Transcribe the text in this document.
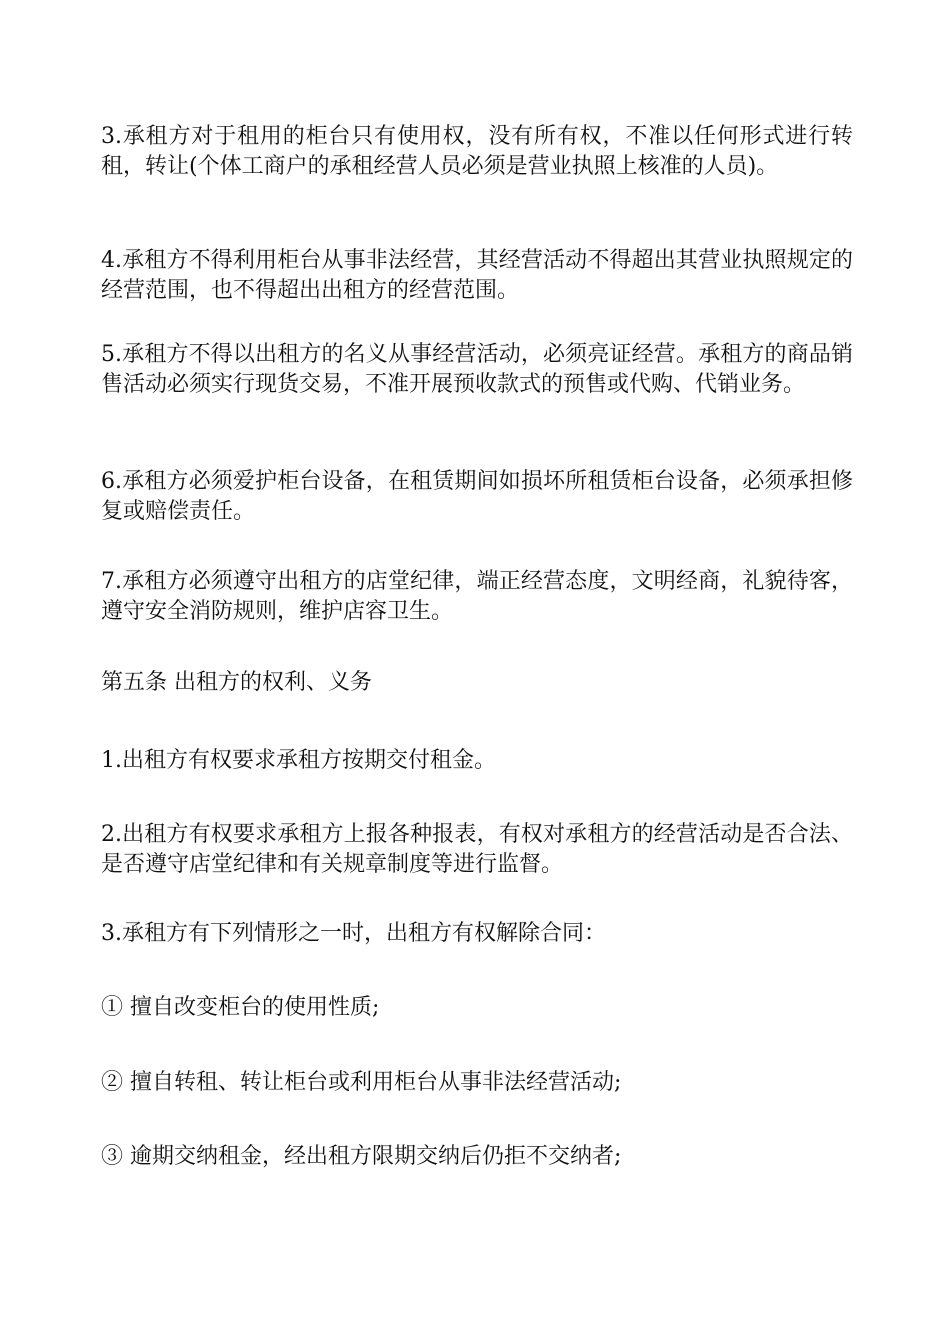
3.承租方对于租用的柜台只有使用权，没有所有权，不准以任何形式进行转租，转让(个体工商户的承租经营人员必须是营业执照上核准的人员)。

4.承租方不得利用柜台从事非法经营，其经营活动不得超出其营业执照规定的经营范围，也不得超出出租方的经营范围。

5.承租方不得以出租方的名义从事经营活动，必须亮证经营。承租方的商品销售活动必须实行现货交易，不准开展预收款式的预售或代购、代销业务。

6.承租方必须爱护柜台设备，在租赁期间如损坏所租赁柜台设备，必须承担修复或赔偿责任。

7.承租方必须遵守出租方的店堂纪律，端正经营态度，文明经商，礼貌待客，遵守安全消防规则，维护店容卫生。

第五条 出租方的权利、义务

1.出租方有权要求承租方按期交付租金。

2.出租方有权要求承租方上报各种报表，有权对承租方的经营活动是否合法、是否遵守店堂纪律和有关规章制度等进行监督。

3.承租方有下列情形之一时，出租方有权解除合同：

① 擅自改变柜台的使用性质;

② 擅自转租、转让柜台或利用柜台从事非法经营活动;

③ 逾期交纳租金，经出租方限期交纳后仍拒不交纳者;
